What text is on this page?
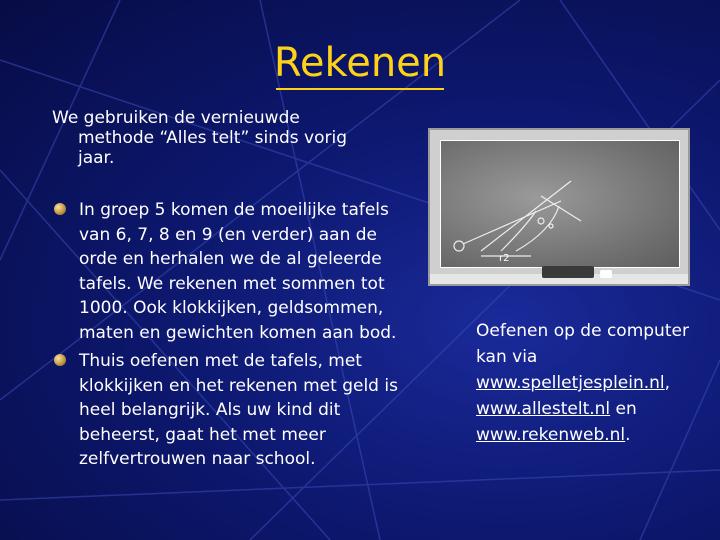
Rekenen

We gebruiken de vernieuwde
methode “Alles telt” sinds vorig
jaar.

In groep 5 komen de moeilijke tafels van 6, 7, 8 en 9 (en verder) aan de orde en herhalen we de al geleerde tafels. We rekenen met sommen tot 1000. Ook klokkijken, geldsommen, maten en gewichten komen aan bod.
Thuis oefenen met de tafels, met klokkijken en het rekenen met geld is heel belangrijk. Als uw kind dit beheerst, gaat het met meer zelfvertrouwen naar school.
r2

Oefenen op de computer kan via www.spelletjesplein.nl, www.allestelt.nl en www.rekenweb.nl.
